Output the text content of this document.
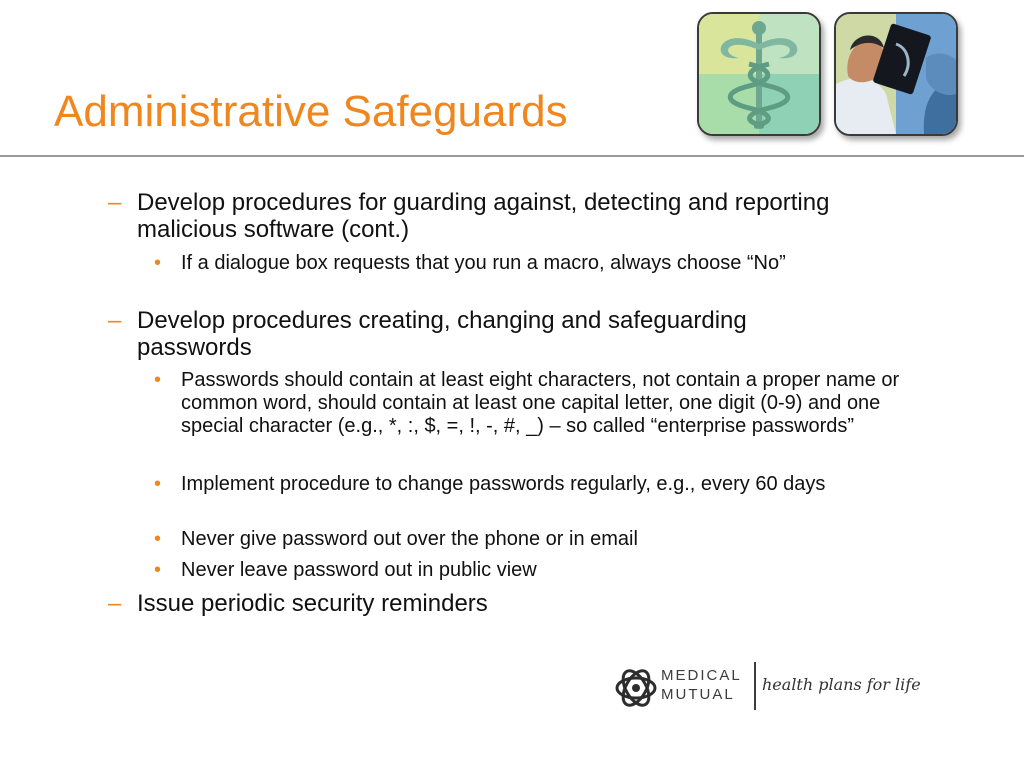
Administrative Safeguards
– Develop procedures for guarding against, detecting and reporting malicious software (cont.)
• If a dialogue box requests that you run a macro, always choose “No”
– Develop procedures creating, changing and safeguarding passwords
• Passwords should contain at least eight characters, not contain a proper name or common word, should contain at least one capital letter, one digit (0-9) and one special character (e.g., *, :, $, =, !, -, #, _) – so called “enterprise passwords”
• Implement procedure to change passwords regularly, e.g., every 60 days
• Never give password out over the phone or in email
• Never leave password out in public view
– Issue periodic security reminders
MEDICAL
MUTUAL
health plans for life
